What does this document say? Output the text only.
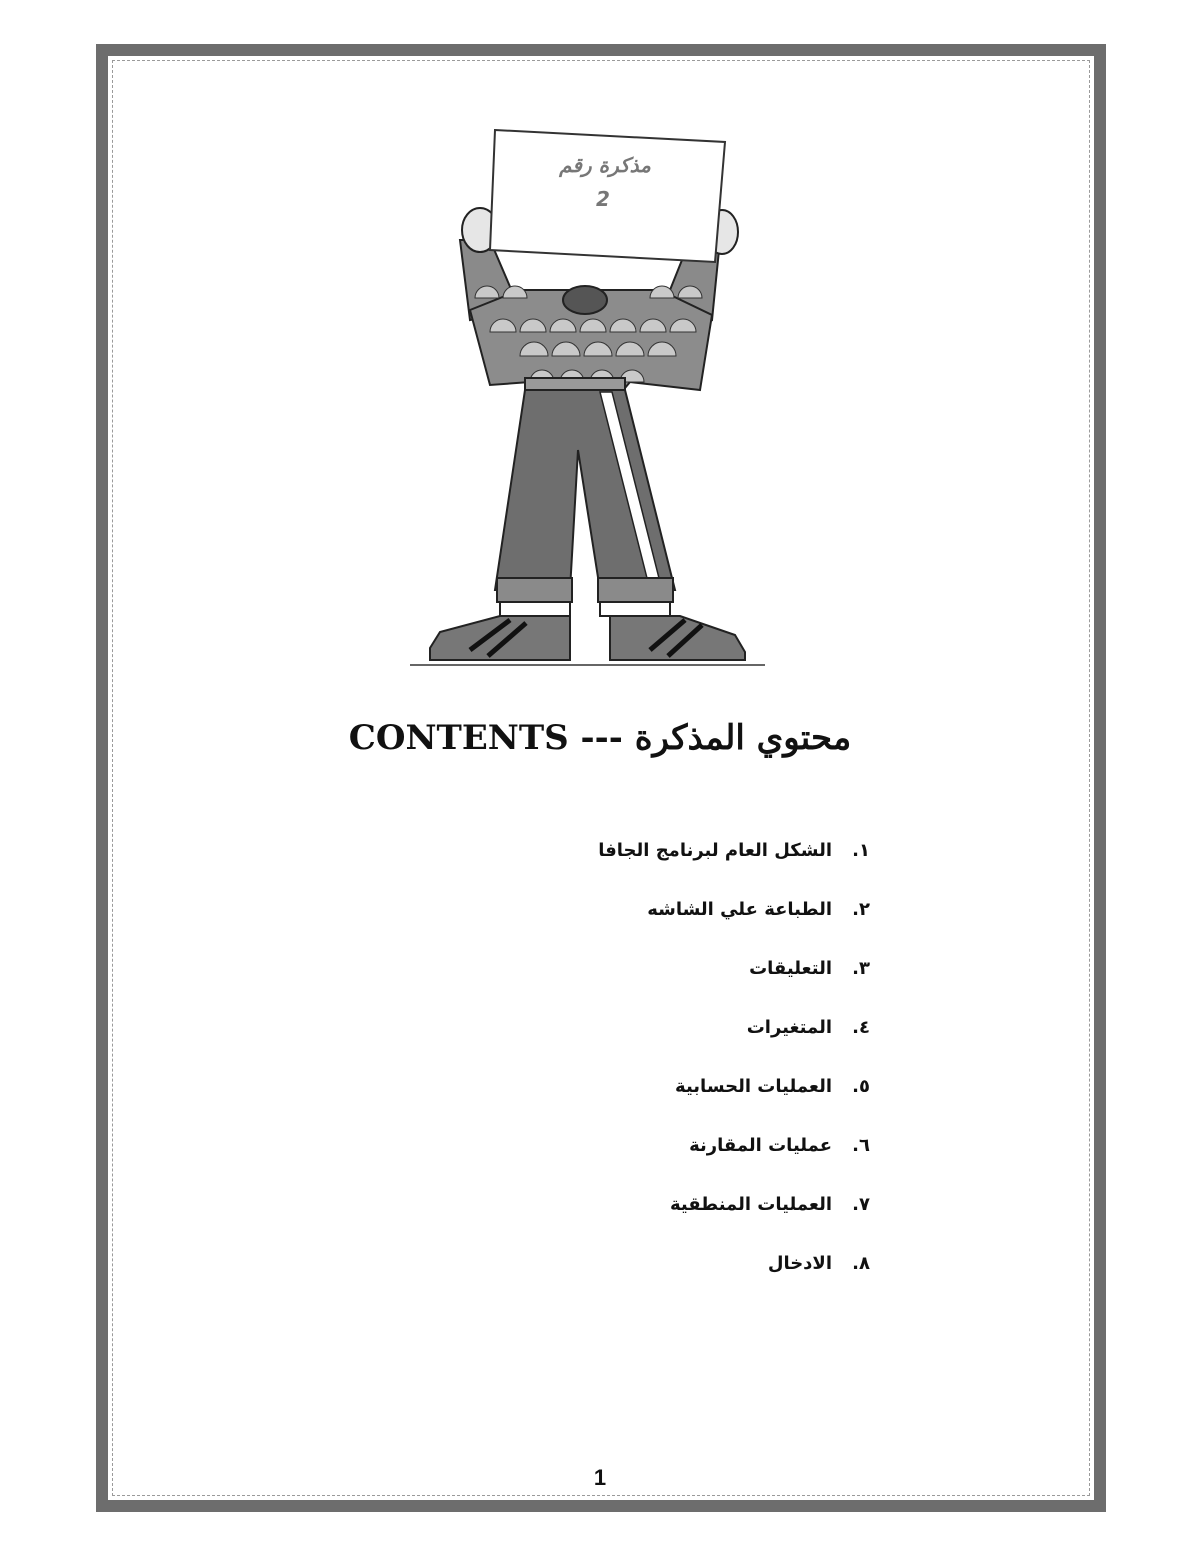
مذكرة رقم
2
محتوي المذكرة --- CONTENTS
١.
الشكل العام لبرنامج الجافا
٢.
الطباعة علي الشاشه
٣.
التعليقات
٤.
المتغيرات
٥.
العمليات الحسابية
٦.
عمليات المقارنة
٧.
العمليات المنطقية
٨.
الادخال
1
